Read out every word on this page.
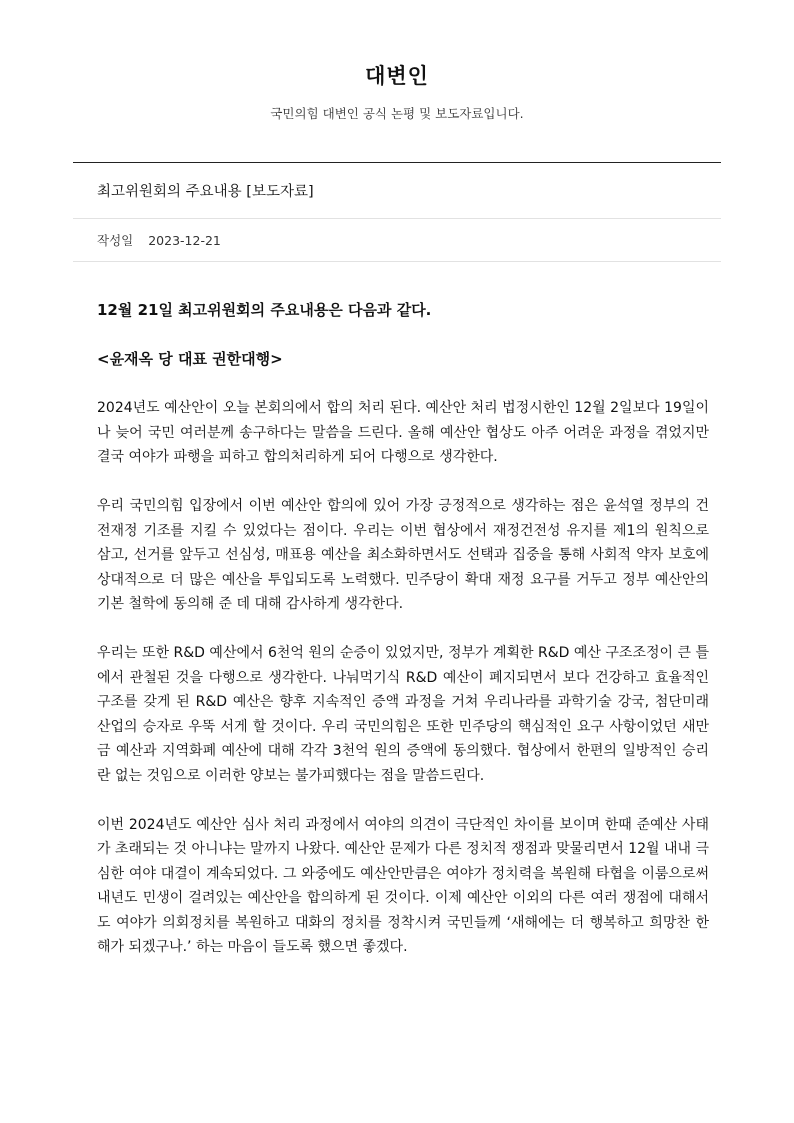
대변인
국민의힘 대변인 공식 논평 및 보도자료입니다.
최고위원회의 주요내용 [보도자료]
작성일 2023-12-21

12월 21일 최고위원회의 주요내용은 다음과 같다.

<윤재옥 당 대표 권한대행>

2024년도 예산안이 오늘 본회의에서 합의 처리 된다. 예산안 처리 법정시한인 12월 2일보다 19일이나 늦어 국민 여러분께 송구하다는 말씀을 드린다. 올해 예산안 협상도 아주 어려운 과정을 겪었지만 결국 여야가 파행을 피하고 합의처리하게 되어 다행으로 생각한다.

우리 국민의힘 입장에서 이번 예산안 합의에 있어 가장 긍정적으로 생각하는 점은 윤석열 정부의 건전재정 기조를 지킬 수 있었다는 점이다. 우리는 이번 협상에서 재정건전성 유지를 제1의 원칙으로 삼고, 선거를 앞두고 선심성, 매표용 예산을 최소화하면서도 선택과 집중을 통해 사회적 약자 보호에 상대적으로 더 많은 예산을 투입되도록 노력했다. 민주당이 확대 재정 요구를 거두고 정부 예산안의 기본 철학에 동의해 준 데 대해 감사하게 생각한다.

우리는 또한 R&D 예산에서 6천억 원의 순증이 있었지만, 정부가 계획한 R&D 예산 구조조정이 큰 틀에서 관철된 것을 다행으로 생각한다. 나눠먹기식 R&D 예산이 폐지되면서 보다 건강하고 효율적인 구조를 갖게 된 R&D 예산은 향후 지속적인 증액 과정을 거쳐 우리나라를 과학기술 강국, 첨단미래 산업의 승자로 우뚝 서게 할 것이다. 우리 국민의힘은 또한 민주당의 핵심적인 요구 사항이었던 새만금 예산과 지역화폐 예산에 대해 각각 3천억 원의 증액에 동의했다. 협상에서 한편의 일방적인 승리란 없는 것임으로 이러한 양보는 불가피했다는 점을 말씀드린다.

이번 2024년도 예산안 심사 처리 과정에서 여야의 의견이 극단적인 차이를 보이며 한때 준예산 사태가 초래되는 것 아니냐는 말까지 나왔다. 예산안 문제가 다른 정치적 쟁점과 맞물리면서 12월 내내 극심한 여야 대결이 계속되었다. 그 와중에도 예산안만큼은 여야가 정치력을 복원해 타협을 이룸으로써 내년도 민생이 걸려있는 예산안을 합의하게 된 것이다. 이제 예산안 이외의 다른 여러 쟁점에 대해서도 여야가 의회정치를 복원하고 대화의 정치를 정착시켜 국민들께 ‘새해에는 더 행복하고 희망찬 한 해가 되겠구나.’ 하는 마음이 들도록 했으면 좋겠다.
